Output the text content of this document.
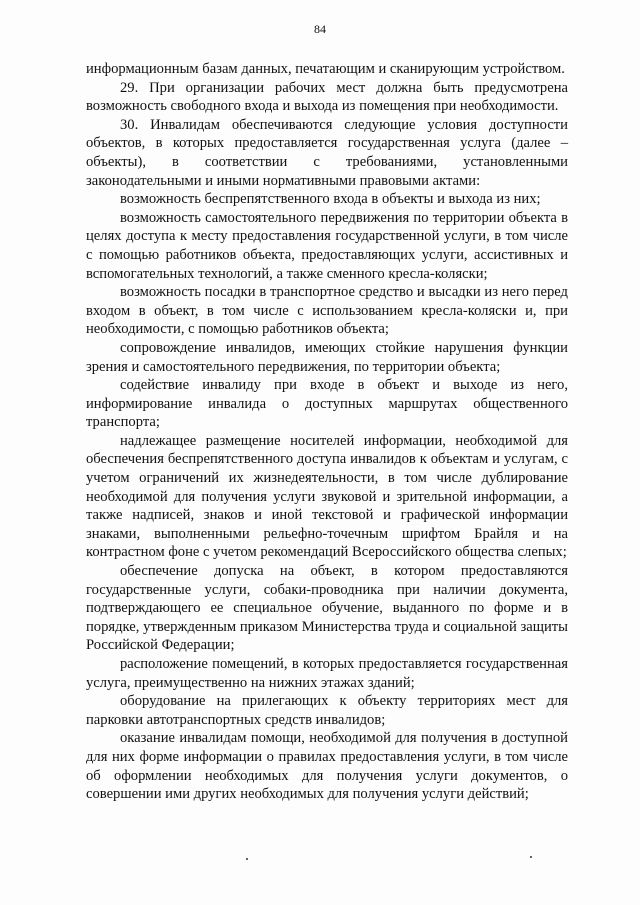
84

информационным базам данных, печатающим и сканирующим устройством.

29. При организации рабочих мест должна быть предусмотрена возможность свободного входа и выхода из помещения при необходимости.

30. Инвалидам обеспечиваются следующие условия доступности объектов, в которых предоставляется государственная услуга (далее – объекты), в соответствии с требованиями, установленными законодательными и иными нормативными правовыми актами:

возможность беспрепятственного входа в объекты и выхода из них;

возможность самостоятельного передвижения по территории объекта в целях доступа к месту предоставления государственной услуги, в том числе с помощью работников объекта, предоставляющих услуги, ассистивных и вспомогательных технологий, а также сменного кресла-коляски;

возможность посадки в транспортное средство и высадки из него перед входом в объект, в том числе с использованием кресла-коляски и, при необходимости, с помощью работников объекта;

сопровождение инвалидов, имеющих стойкие нарушения функции зрения и самостоятельного передвижения, по территории объекта;

содействие инвалиду при входе в объект и выходе из него, информирование инвалида о доступных маршрутах общественного транспорта;

надлежащее размещение носителей информации, необходимой для обеспечения беспрепятственного доступа инвалидов к объектам и услугам, с учетом ограничений их жизнедеятельности, в том числе дублирование необходимой для получения услуги звуковой и зрительной информации, а также надписей, знаков и иной текстовой и графической информации знаками, выполненными рельефно-точечным шрифтом Брайля и на контрастном фоне с учетом рекомендаций Всероссийского общества слепых;

обеспечение допуска на объект, в котором предоставляются государственные услуги, собаки-проводника при наличии документа, подтверждающего ее специальное обучение, выданного по форме и в порядке, утвержденным приказом Министерства труда и социальной защиты Российской Федерации;

расположение помещений, в которых предоставляется государственная услуга, преимущественно на нижних этажах зданий;

оборудование на прилегающих к объекту территориях мест для парковки автотранспортных средств инвалидов;

оказание инвалидам помощи, необходимой для получения в доступной для них форме информации о правилах предоставления услуги, в том числе об оформлении необходимых для получения услуги документов, о совершении ими других необходимых для получения услуги действий;
